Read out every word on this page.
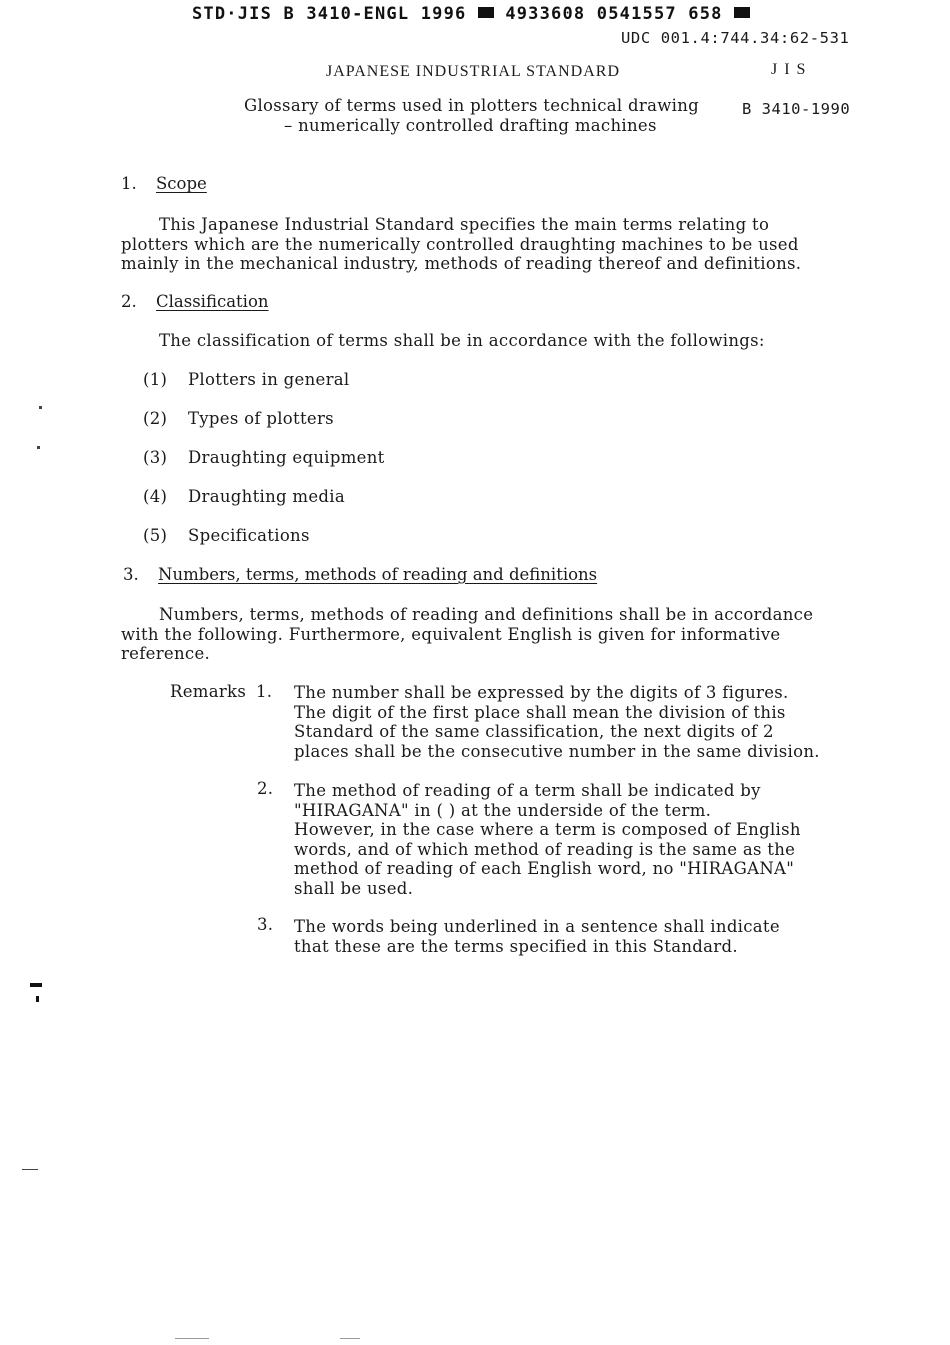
STD·JIS B 3410-ENGL 1996 4933608 0541557 658
UDC 001.4:744.34:62-531
JAPANESE INDUSTRIAL STANDARD	JIS
Glossary of terms used in plotters technical drawing	B 3410-1990
– numerically controlled drafting machines
1. Scope
This Japanese Industrial Standard specifies the main terms relating to
plotters which are the numerically controlled draughting machines to be used
mainly in the mechanical industry, methods of reading thereof and definitions.
2. Classification
The classification of terms shall be in accordance with the followings:
(1) Plotters in general
(2) Types of plotters
(3) Draughting equipment
(4) Draughting media
(5) Specifications
3. Numbers, terms, methods of reading and definitions
Numbers, terms, methods of reading and definitions shall be in accordance
with the following. Furthermore, equivalent English is given for informative
reference.
Remarks 1. The number shall be expressed by the digits of 3 figures.
The digit of the first place shall mean the division of this
Standard of the same classification, the next digits of 2
places shall be the consecutive number in the same division.
2. The method of reading of a term shall be indicated by
"HIRAGANA" in ( ) at the underside of the term.
However, in the case where a term is composed of English
words, and of which method of reading is the same as the
method of reading of each English word, no "HIRAGANA"
shall be used.
3. The words being underlined in a sentence shall indicate
that these are the terms specified in this Standard.
